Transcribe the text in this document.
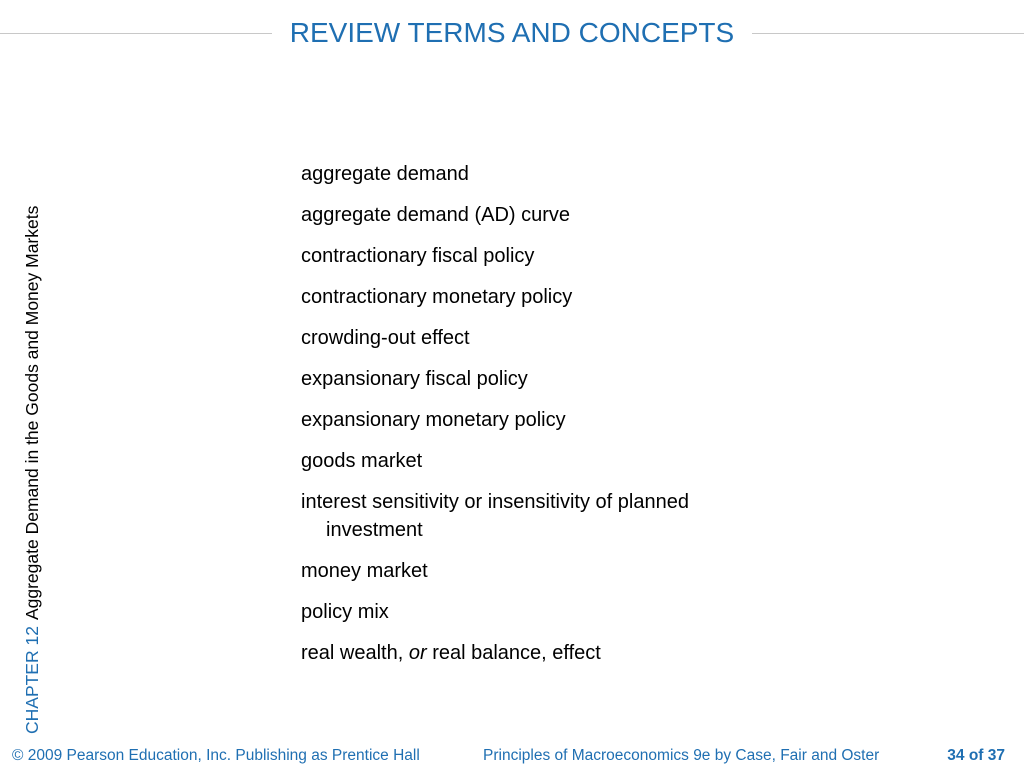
REVIEW TERMS AND CONCEPTS
CHAPTER 12Aggregate Demand in the Goods and Money Markets
aggregate demand
aggregate demand (AD) curve
contractionary fiscal policy
contractionary monetary policy
crowding-out effect
expansionary fiscal policy
expansionary monetary policy
goods market
interest sensitivity or insensitivity of planned investment
money market
policy mix
real wealth, or real balance, effect
© 2009 Pearson Education, Inc. Publishing as Prentice Hall	Principles of Macroeconomics 9e by Case, Fair and Oster	34 of 37
